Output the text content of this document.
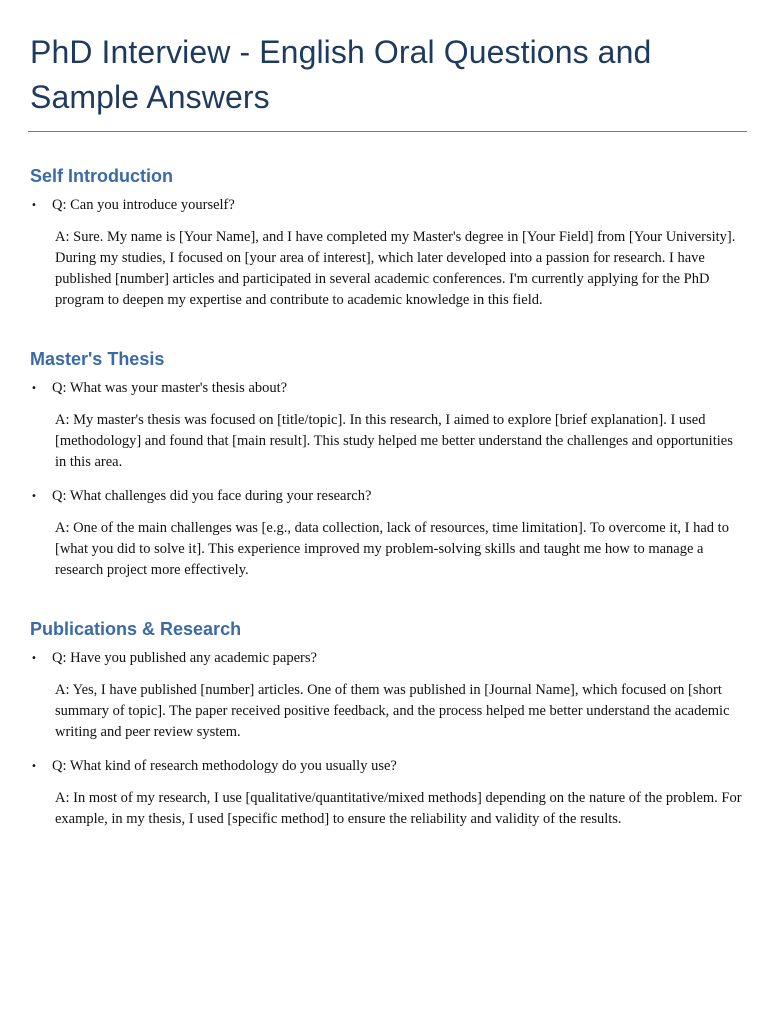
PhD Interview - English Oral Questions and Sample Answers
Self Introduction
•	Q: Can you introduce yourself?

A: Sure. My name is [Your Name], and I have completed my Master's degree in [Your Field] from [Your University]. During my studies, I focused on [your area of interest], which later developed into a passion for research. I have published [number] articles and participated in several academic conferences. I'm currently applying for the PhD program to deepen my expertise and contribute to academic knowledge in this field.

Master's Thesis
•	Q: What was your master's thesis about?

A: My master's thesis was focused on [title/topic]. In this research, I aimed to explore [brief explanation]. I used [methodology] and found that [main result]. This study helped me better understand the challenges and opportunities in this area.

•	Q: What challenges did you face during your research?

A: One of the main challenges was [e.g., data collection, lack of resources, time limitation]. To overcome it, I had to [what you did to solve it]. This experience improved my problem-solving skills and taught me how to manage a research project more effectively.

Publications & Research
•	Q: Have you published any academic papers?

A: Yes, I have published [number] articles. One of them was published in [Journal Name], which focused on [short summary of topic]. The paper received positive feedback, and the process helped me better understand the academic writing and peer review system.

•	Q: What kind of research methodology do you usually use?

A: In most of my research, I use [qualitative/quantitative/mixed methods] depending on the nature of the problem. For example, in my thesis, I used [specific method] to ensure the reliability and validity of the results.
